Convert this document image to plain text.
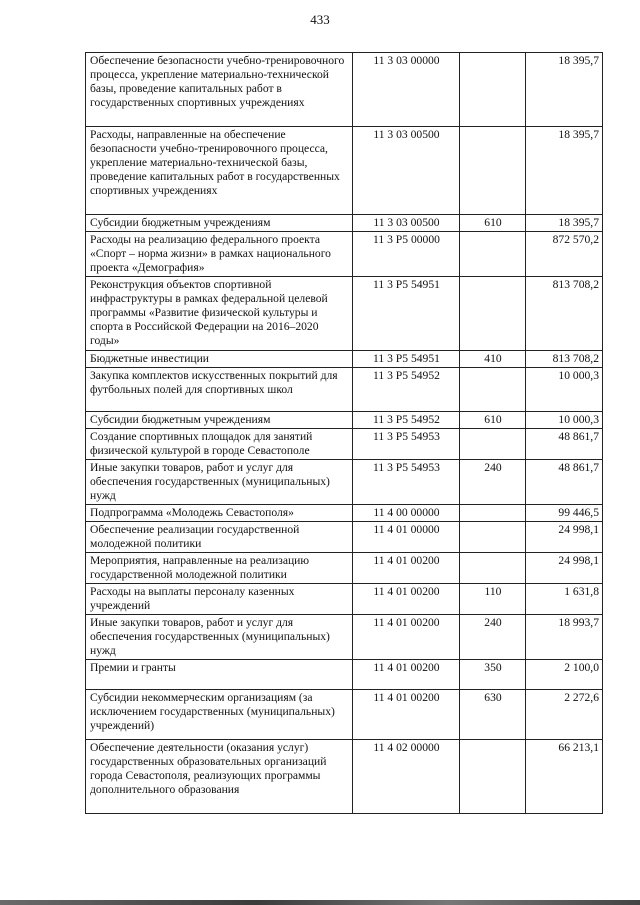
433
Обеспечение безопасности учебно-тренировочного процесса, укрепление материально-технической базы, проведение капитальных работ в государственных спортивных учреждениях	11 3 03 00000		18 395,7
Расходы, направленные на обеспечение безопасности учебно-тренировочного процесса, укрепление материально-технической базы, проведение капитальных работ в государственных спортивных учреждениях	11 3 03 00500		18 395,7
Субсидии бюджетным учреждениям	11 3 03 00500	610	18 395,7
Расходы на реализацию федерального проекта «Спорт – норма жизни» в рамках национального проекта «Демография»	11 3 P5 00000		872 570,2
Реконструкция объектов спортивной инфраструктуры в рамках федеральной целевой программы «Развитие физической культуры и спорта в Российской Федерации на 2016–2020 годы»	11 3 P5 54951		813 708,2
Бюджетные инвестиции	11 3 P5 54951	410	813 708,2
Закупка комплектов искусственных покрытий для футбольных полей для спортивных школ	11 3 P5 54952		10 000,3
Субсидии бюджетным учреждениям	11 3 P5 54952	610	10 000,3
Создание спортивных площадок для занятий физической культурой в городе Севастополе	11 3 P5 54953		48 861,7
Иные закупки товаров, работ и услуг для обеспечения государственных (муниципальных) нужд	11 3 P5 54953	240	48 861,7
Подпрограмма «Молодежь Севастополя»	11 4 00 00000		99 446,5
Обеспечение реализации государственной молодежной политики	11 4 01 00000		24 998,1
Мероприятия, направленные на реализацию государственной молодежной политики	11 4 01 00200		24 998,1
Расходы на выплаты персоналу казенных учреждений	11 4 01 00200	110	1 631,8
Иные закупки товаров, работ и услуг для обеспечения государственных (муниципальных) нужд	11 4 01 00200	240	18 993,7
Премии и гранты	11 4 01 00200	350	2 100,0
Субсидии некоммерческим организациям (за исключением государственных (муниципальных) учреждений)	11 4 01 00200	630	2 272,6
Обеспечение деятельности (оказания услуг) государственных образовательных организаций города Севастополя, реализующих программы дополнительного образования	11 4 02 00000		66 213,1
